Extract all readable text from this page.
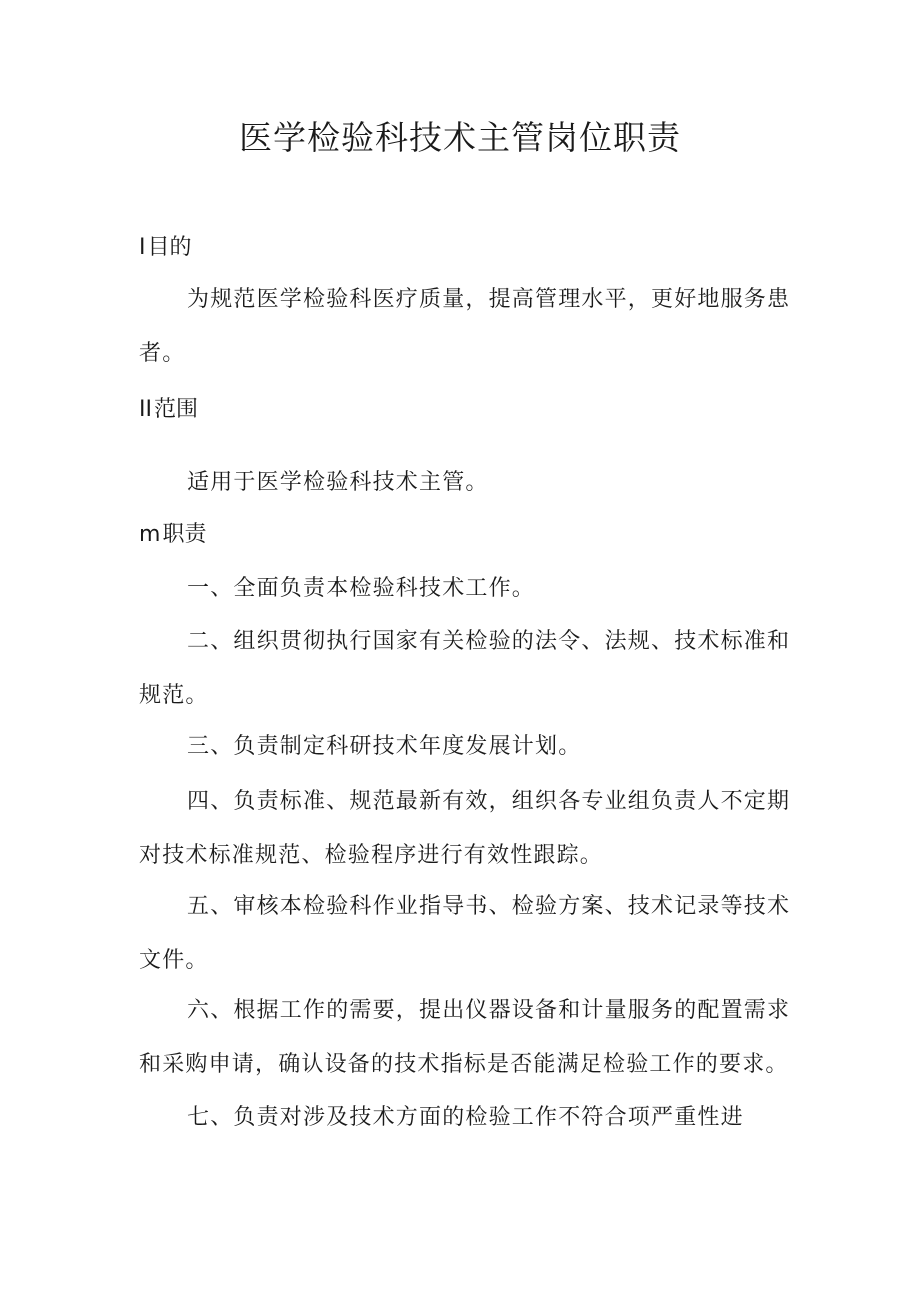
医学检验科技术主管岗位职责
I目的
为规范医学检验科医疗质量，提高管理水平，更好地服务患
者。
II范围
适用于医学检验科技术主管。
m职责
一、全面负责本检验科技术工作。
二、组织贯彻执行国家有关检验的法令、法规、技术标准和
规范。
三、负责制定科研技术年度发展计划。
四、负责标准、规范最新有效，组织各专业组负责人不定期
对技术标准规范、检验程序进行有效性跟踪。
五、审核本检验科作业指导书、检验方案、技术记录等技术
文件。
六、根据工作的需要，提出仪器设备和计量服务的配置需求
和采购申请，确认设备的技术指标是否能满足检验工作的要求。
七、负责对涉及技术方面的检验工作不符合项严重性进
